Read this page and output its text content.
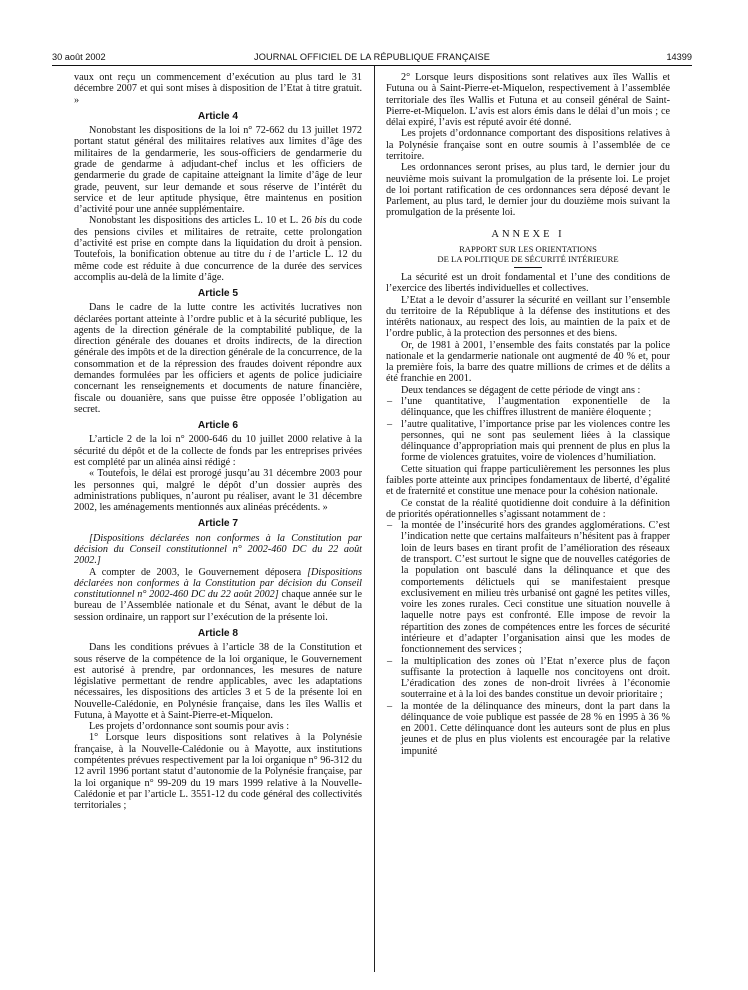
30 août 2002	JOURNAL OFFICIEL DE LA RÉPUBLIQUE FRANÇAISE	14399

vaux ont reçu un commencement d’exécution au plus tard le 31 décembre 2007 et qui sont mises à disposition de l’Etat à titre gratuit. »

Article 4

Nonobstant les dispositions de la loi n° 72-662 du 13 juillet 1972 portant statut général des militaires relatives aux limites d’âge des militaires de la gendarmerie, les sous-officiers de gendarmerie du grade de gendarme à adjudant-chef inclus et les officiers de gendarmerie du grade de capitaine atteignant la limite d’âge de leur grade, peuvent, sur leur demande et sous réserve de l’intérêt du service et de leur aptitude physique, être maintenus en position d’activité pour une année supplémentaire.

Nonobstant les dispositions des articles L. 10 et L. 26 bis du code des pensions civiles et militaires de retraite, cette prolongation d’activité est prise en compte dans la liquidation du droit à pension. Toutefois, la bonification obtenue au titre du i de l’article L. 12 du même code est réduite à due concurrence de la durée des services accomplis au-delà de la limite d’âge.

Article 5

Dans le cadre de la lutte contre les activités lucratives non déclarées portant atteinte à l’ordre public et à la sécurité publique, les agents de la direction générale de la comptabilité publique, de la direction générale des douanes et droits indirects, de la direction générale des impôts et de la direction générale de la concurrence, de la consommation et de la répression des fraudes doivent répondre aux demandes formulées par les officiers et agents de police judiciaire concernant les renseignements et documents de nature financière, fiscale ou douanière, sans que puisse être opposée l’obligation au secret.

Article 6

L’article 2 de la loi n° 2000-646 du 10 juillet 2000 relative à la sécurité du dépôt et de la collecte de fonds par les entreprises privées est complété par un alinéa ainsi rédigé :

« Toutefois, le délai est prorogé jusqu’au 31 décembre 2003 pour les personnes qui, malgré le dépôt d’un dossier auprès des administrations publiques, n’auront pu réaliser, avant le 31 décembre 2002, les aménagements mentionnés aux alinéas précédents. »

Article 7

[Dispositions déclarées non conformes à la Constitution par décision du Conseil constitutionnel n° 2002-460 DC du 22 août 2002.]

A compter de 2003, le Gouvernement déposera [Dispositions déclarées non conformes à la Constitution par décision du Conseil constitutionnel n° 2002-460 DC du 22 août 2002] chaque année sur le bureau de l’Assemblée nationale et du Sénat, avant le début de la session ordinaire, un rapport sur l’exécution de la présente loi.

Article 8

Dans les conditions prévues à l’article 38 de la Constitution et sous réserve de la compétence de la loi organique, le Gouvernement est autorisé à prendre, par ordonnances, les mesures de nature législative permettant de rendre applicables, avec les adaptations nécessaires, les dispositions des articles 3 et 5 de la présente loi en Nouvelle-Calédonie, en Polynésie française, dans les îles Wallis et Futuna, à Mayotte et à Saint-Pierre-et-Miquelon.

Les projets d’ordonnance sont soumis pour avis :

1° Lorsque leurs dispositions sont relatives à la Polynésie française, à la Nouvelle-Calédonie ou à Mayotte, aux institutions compétentes prévues respectivement par la loi organique n° 96-312 du 12 avril 1996 portant statut d’autonomie de la Polynésie française, par la loi organique n° 99-209 du 19 mars 1999 relative à la Nouvelle-Calédonie et par l’article L. 3551-12 du code général des collectivités territoriales ;

2° Lorsque leurs dispositions sont relatives aux îles Wallis et Futuna ou à Saint-Pierre-et-Miquelon, respectivement à l’assemblée territoriale des îles Wallis et Futuna et au conseil général de Saint-Pierre-et-Miquelon. L’avis est alors émis dans le délai d’un mois ; ce délai expiré, l’avis est réputé avoir été donné.

Les projets d’ordonnance comportant des dispositions relatives à la Polynésie française sont en outre soumis à l’assemblée de ce territoire.

Les ordonnances seront prises, au plus tard, le dernier jour du neuvième mois suivant la promulgation de la présente loi. Le projet de loi portant ratification de ces ordonnances sera déposé devant le Parlement, au plus tard, le dernier jour du douzième mois suivant la promulgation de la présente loi.

ANNEXE I
RAPPORT SUR LES ORIENTATIONS
DE LA POLITIQUE DE SÉCURITÉ INTÉRIEURE

La sécurité est un droit fondamental et l’une des conditions de l’exercice des libertés individuelles et collectives.

L’Etat a le devoir d’assurer la sécurité en veillant sur l’ensemble du territoire de la République à la défense des institutions et des intérêts nationaux, au respect des lois, au maintien de la paix et de l’ordre public, à la protection des personnes et des biens.

Or, de 1981 à 2001, l’ensemble des faits constatés par la police nationale et la gendarmerie nationale ont augmenté de 40 % et, pour la première fois, la barre des quatre millions de crimes et de délits a été franchie en 2001.

Deux tendances se dégagent de cette période de vingt ans :

– l’une quantitative, l’augmentation exponentielle de la délinquance, que les chiffres illustrent de manière éloquente ;

– l’autre qualitative, l’importance prise par les violences contre les personnes, qui ne sont pas seulement liées à la classique délinquance d’appropriation mais qui prennent de plus en plus la forme de violences gratuites, voire de violences d’humiliation.

Cette situation qui frappe particulièrement les personnes les plus faibles porte atteinte aux principes fondamentaux de liberté, d’égalité et de fraternité et constitue une menace pour la cohésion nationale.

Ce constat de la réalité quotidienne doit conduire à la définition de priorités opérationnelles s’agissant notamment de :

– la montée de l’insécurité hors des grandes agglomérations. C’est l’indication nette que certains malfaiteurs n’hésitent pas à frapper loin de leurs bases en tirant profit de l’amélioration des réseaux de transport. C’est surtout le signe que de nouvelles catégories de la population ont basculé dans la délinquance et que des comportements délictuels qui se manifestaient presque exclusivement en milieu très urbanisé ont gagné les petites villes, voire les zones rurales. Ceci constitue une situation nouvelle à laquelle notre pays est confronté. Elle impose de revoir la répartition des zones de compétences entre les forces de sécurité intérieure et d’adapter l’organisation ainsi que les modes de fonctionnement des services ;

– la multiplication des zones où l’Etat n’exerce plus de façon suffisante la protection à laquelle nos concitoyens ont droit. L’éradication des zones de non-droit livrées à l’économie souterraine et à la loi des bandes constitue un devoir prioritaire ;

– la montée de la délinquance des mineurs, dont la part dans la délinquance de voie publique est passée de 28 % en 1995 à 36 % en 2001. Cette délinquance dont les auteurs sont de plus en plus jeunes et de plus en plus violents est encouragée par la relative impunité
